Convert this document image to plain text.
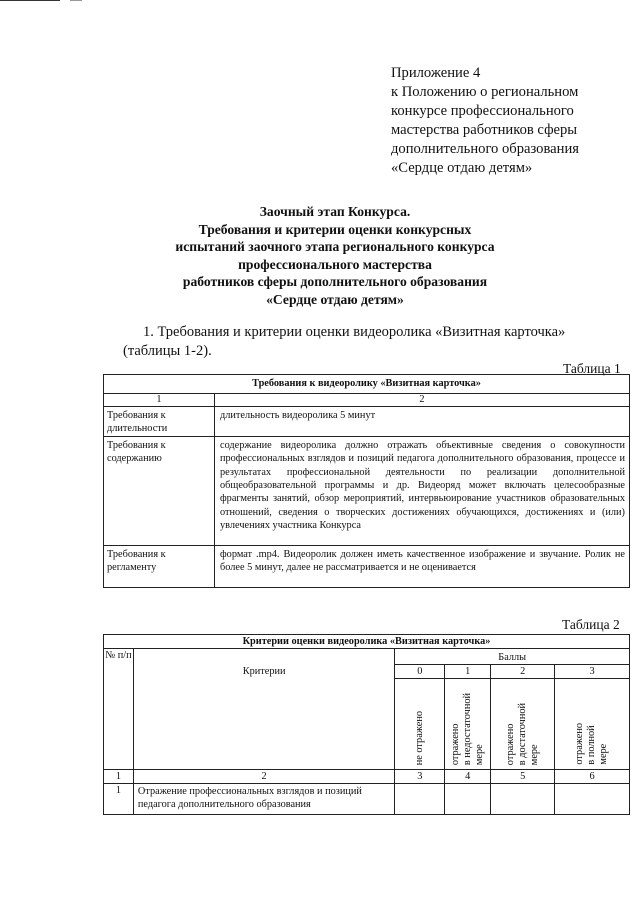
Приложение 4
к Положению о региональном
конкурсе профессионального
мастерства работников сферы
дополнительного образования
«Сердце отдаю детям»
Заочный этап Конкурса.
Требования и критерии оценки конкурсных
испытаний заочного этапа регионального конкурса
профессионального мастерства
работников сферы дополнительного образования
«Сердце отдаю детям»
1. Требования и критерии оценки видеоролика «Визитная карточка»
(таблицы 1-2).
Таблица 1
Требования к видеоролику «Визитная карточка»	
1	2
Требования к длительности	длительность видеоролика 5 минут
Требования к содержанию	содержание видеоролика должно отражать объективные сведения о совокупности профессиональных взглядов и позиций педагога дополнительного образования, процессе и результатах профессиональной деятельности по реализации дополнительной общеобразовательной программы и др. Видеоряд может включать целесообразные фрагменты занятий, обзор мероприятий, интервьюирование участников образовательных отношений, сведения о творческих достижениях обучающихся, достижениях и (или) увлечениях участника Конкурса
Требования к регламенту	формат .mp4. Видеоролик должен иметь качественное изображение и звучание. Ролик не более 5 минут, далее не рассматривается и не оценивается
Таблица 2
Критерии оценки видеоролика «Визитная карточка»					
№ п/п	Критерии	Баллы			
		0	1	2	3

		не отражено	отражено в недостаточной мере	отражено в достаточной мере	отражено в полной мере

1	2	3	4	5	6
1	Отражение профессиональных взглядов и позиций педагога дополнительного образования				
